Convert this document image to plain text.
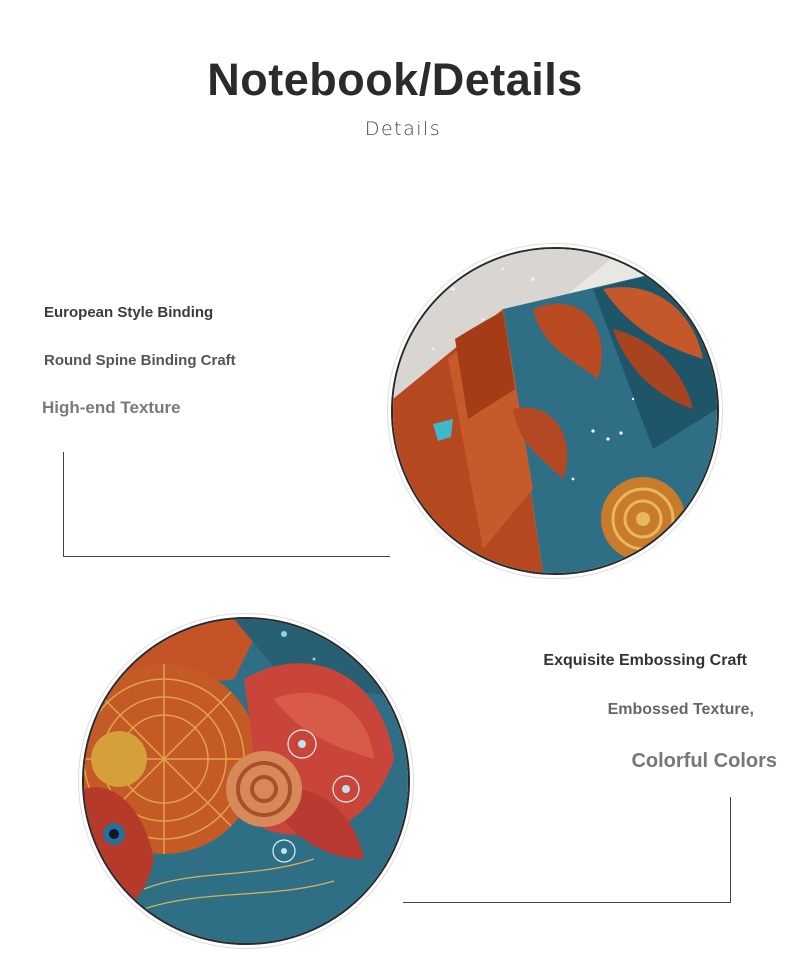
Notebook/Details
Details
European Style Binding
Round Spine Binding Craft
High-end Texture
Exquisite Embossing Craft
Embossed Texture,
Colorful Colors
